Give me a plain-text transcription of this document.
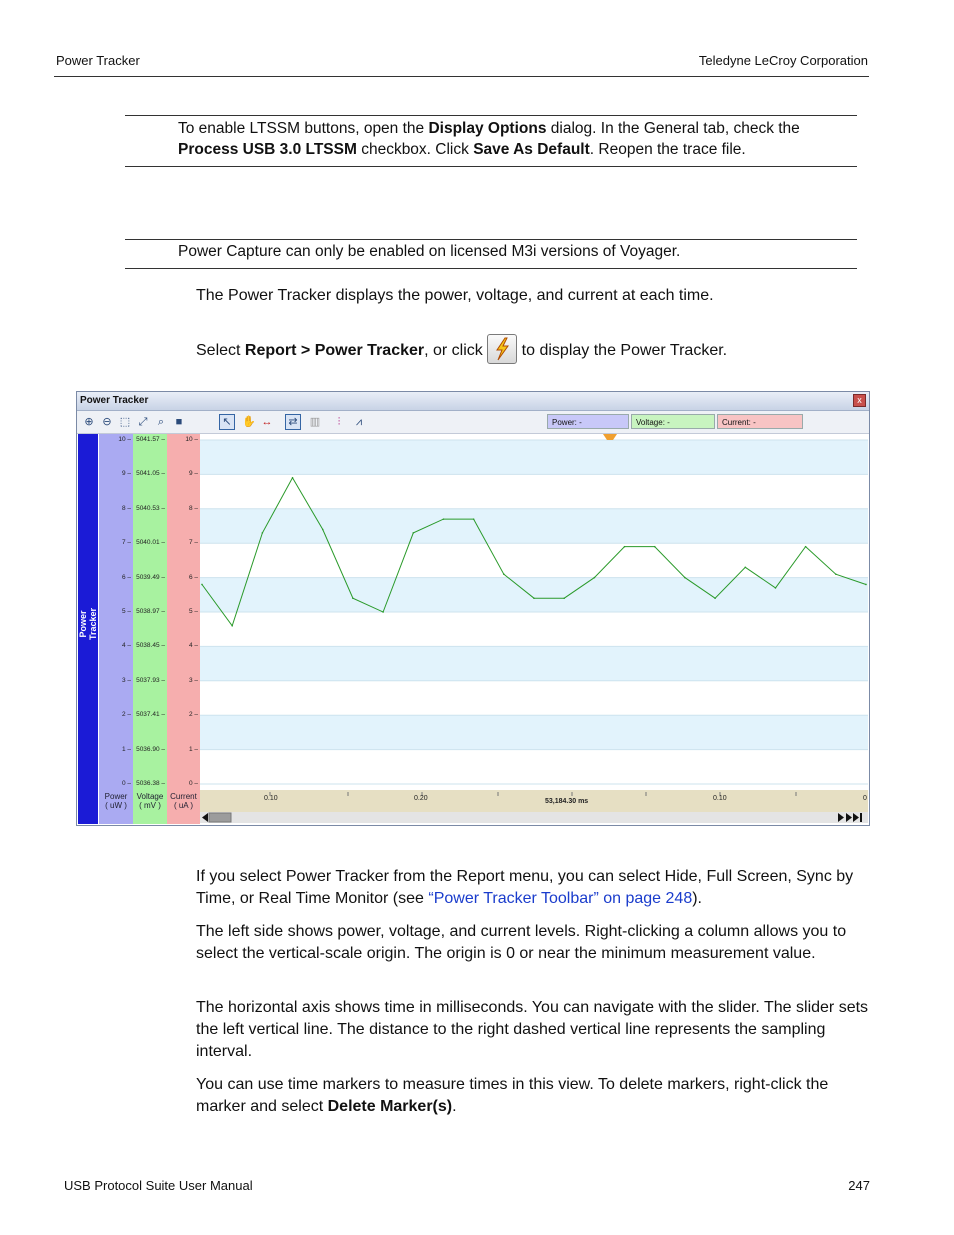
Power Tracker	Teledyne LeCroy Corporation
To enable LTSSM buttons, open the Display Options dialog. In the General tab, check the
Process USB 3.0 LTSSM checkbox. Click Save As Default. Reopen the trace file.
Power Capture can only be enabled on licensed M3i versions of Voyager.
The Power Tracker displays the power, voltage, and current at each time.
Select Report > Power Tracker, or click
to display the Power Tracker.
Power Tracker	x
⊕ ⊖ ⬚ ⤢ ⌕	■	↖ ✋ ↔	⇄	▥	⫶	⩘	Power: -	Voltage: -	Current: -
Power Tracker
10 –
9 –
8 –
7 –
6 –
5 –
4 –
3 –
2 –
1 –
0 –
5041.57 –
5041.05 –
5040.53 –
5040.01 –
5039.49 –
5038.97 –
5038.45 –
5037.93 –
5037.41 –
5036.90 –
5036.38 –
10 –
9 –
8 –
7 –
6 –
5 –
4 –
3 –
2 –
1 –
0 –
Power
( uW )
Voltage
( mV )
Current
( uA )
0.10	0.20	53,184.30 ms	0.10	0
If you select Power Tracker from the Report menu, you can select Hide, Full Screen, Sync by Time, or Real Time Monitor (see “Power Tracker Toolbar” on page 248).
The left side shows power, voltage, and current levels. Right-clicking a column allows you to select the vertical-scale origin. The origin is 0 or near the minimum measurement value.
The horizontal axis shows time in milliseconds. You can navigate with the slider. The slider sets the left vertical line. The distance to the right dashed vertical line represents the sampling interval.
You can use time markers to measure times in this view. To delete markers, right-click the marker and select Delete Marker(s).
USB Protocol Suite User Manual	247
